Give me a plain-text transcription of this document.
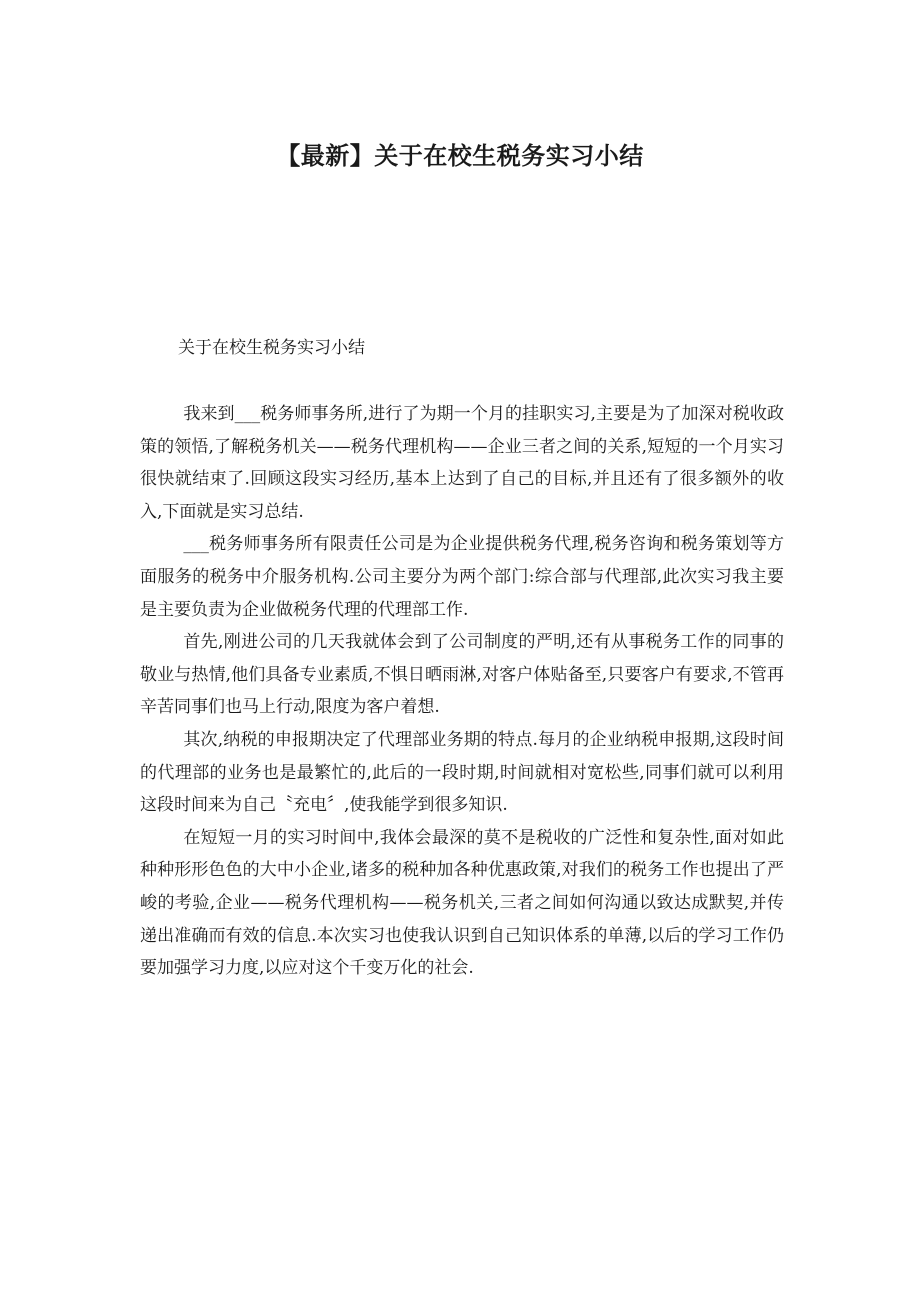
【最新】关于在校生税务实习小结

关于在校生税务实习小结

我来到___税务师事务所,进行了为期一个月的挂职实习,主要是为了加深对税收政策的领悟,了解税务机关——税务代理机构——企业三者之间的关系,短短的一个月实习很快就结束了.回顾这段实习经历,基本上达到了自己的目标,并且还有了很多额外的收入,下面就是实习总结.

___税务师事务所有限责任公司是为企业提供税务代理,税务咨询和税务策划等方面服务的税务中介服务机构.公司主要分为两个部门:综合部与代理部,此次实习我主要是主要负责为企业做税务代理的代理部工作.

首先,刚进公司的几天我就体会到了公司制度的严明,还有从事税务工作的同事的敬业与热情,他们具备专业素质,不惧日晒雨淋,对客户体贴备至,只要客户有要求,不管再辛苦同事们也马上行动,限度为客户着想.

其次,纳税的申报期决定了代理部业务期的特点.每月的企业纳税申报期,这段时间的代理部的业务也是最繁忙的,此后的一段时期,时间就相对宽松些,同事们就可以利用这段时间来为自己〝充电〞,使我能学到很多知识.

在短短一月的实习时间中,我体会最深的莫不是税收的广泛性和复杂性,面对如此种种形形色色的大中小企业,诸多的税种加各种优惠政策,对我们的税务工作也提出了严峻的考验,企业——税务代理机构——税务机关,三者之间如何沟通以致达成默契,并传递出准确而有效的信息.本次实习也使我认识到自己知识体系的单薄,以后的学习工作仍要加强学习力度,以应对这个千变万化的社会.
